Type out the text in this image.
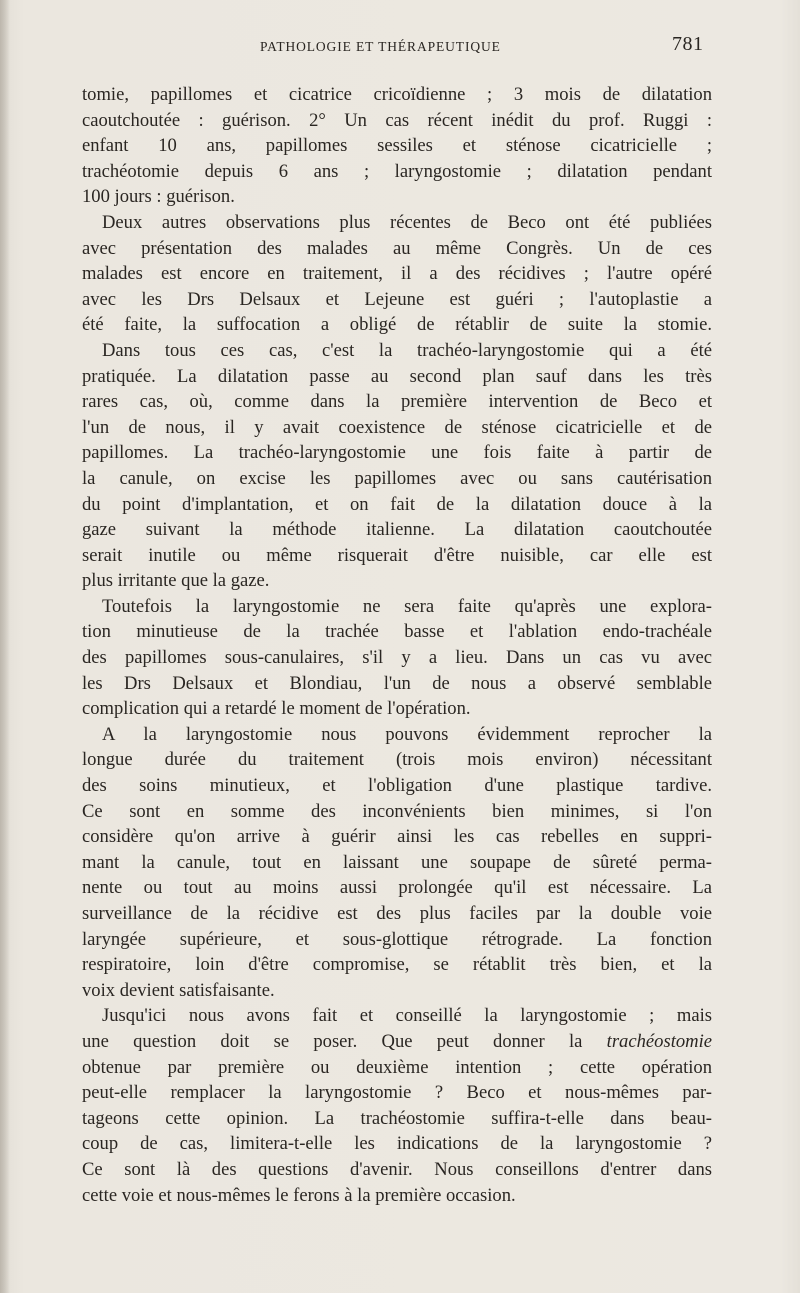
PATHOLOGIE ET THÉRAPEUTIQUE	781
tomie, papillomes et cicatrice cricoïdienne ; 3 mois de dilatation
caoutchoutée : guérison. 2° Un cas récent inédit du prof. Ruggi :
enfant 10 ans, papillomes sessiles et sténose cicatricielle ;
trachéotomie depuis 6 ans ; laryngostomie ; dilatation pendant
100 jours : guérison.
Deux autres observations plus récentes de Beco ont été publiées
avec présentation des malades au même Congrès. Un de ces
malades est encore en traitement, il a des récidives ; l'autre opéré
avec les Drs Delsaux et Lejeune est guéri ; l'autoplastie a
été faite, la suffocation a obligé de rétablir de suite la stomie.
Dans tous ces cas, c'est la trachéo-laryngostomie qui a été
pratiquée. La dilatation passe au second plan sauf dans les très
rares cas, où, comme dans la première intervention de Beco et
l'un de nous, il y avait coexistence de sténose cicatricielle et de
papillomes. La trachéo-laryngostomie une fois faite à partir de
la canule, on excise les papillomes avec ou sans cautérisation
du point d'implantation, et on fait de la dilatation douce à la
gaze suivant la méthode italienne. La dilatation caoutchoutée
serait inutile ou même risquerait d'être nuisible, car elle est
plus irritante que la gaze.
Toutefois la laryngostomie ne sera faite qu'après une explora-
tion minutieuse de la trachée basse et l'ablation endo-trachéale
des papillomes sous-canulaires, s'il y a lieu. Dans un cas vu avec
les Drs Delsaux et Blondiau, l'un de nous a observé semblable
complication qui a retardé le moment de l'opération.
A la laryngostomie nous pouvons évidemment reprocher la
longue durée du traitement (trois mois environ) nécessitant
des soins minutieux, et l'obligation d'une plastique tardive.
Ce sont en somme des inconvénients bien minimes, si l'on
considère qu'on arrive à guérir ainsi les cas rebelles en suppri-
mant la canule, tout en laissant une soupape de sûreté perma-
nente ou tout au moins aussi prolongée qu'il est nécessaire. La
surveillance de la récidive est des plus faciles par la double voie
laryngée supérieure, et sous-glottique rétrograde. La fonction
respiratoire, loin d'être compromise, se rétablit très bien, et la
voix devient satisfaisante.
Jusqu'ici nous avons fait et conseillé la laryngostomie ; mais
une question doit se poser. Que peut donner la trachéostomie
obtenue par première ou deuxième intention ; cette opération
peut-elle remplacer la laryngostomie ? Beco et nous-mêmes par-
tageons cette opinion. La trachéostomie suffira-t-elle dans beau-
coup de cas, limitera-t-elle les indications de la laryngostomie ?
Ce sont là des questions d'avenir. Nous conseillons d'entrer dans
cette voie et nous-mêmes le ferons à la première occasion.
